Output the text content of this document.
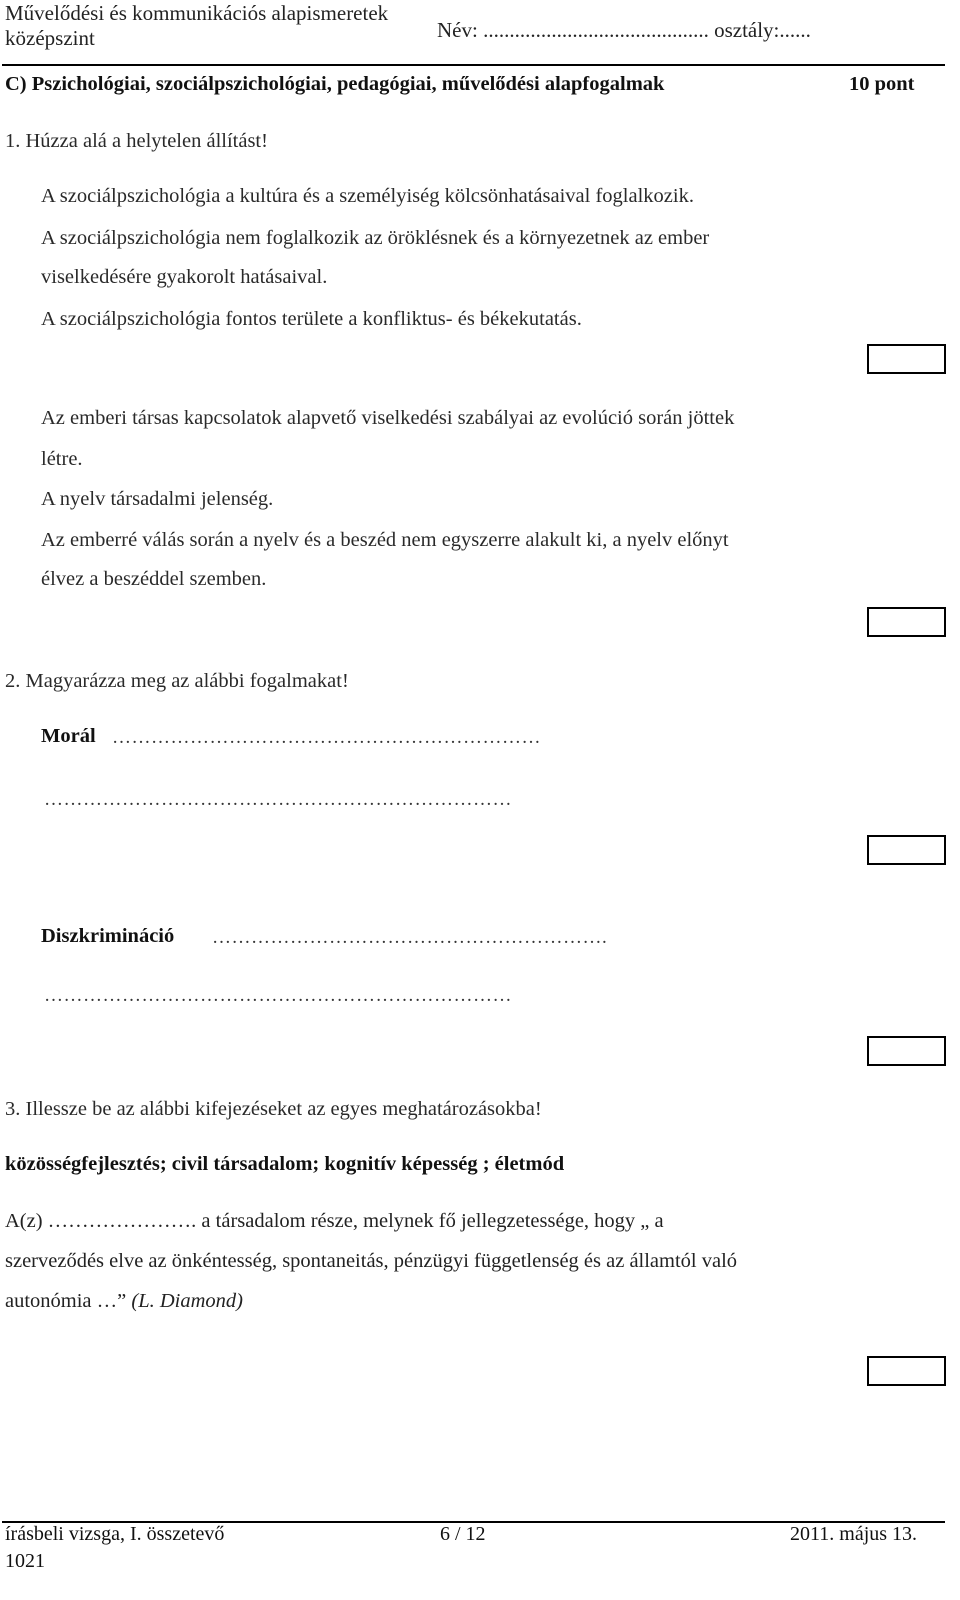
Művelődési és kommunikációs alapismeretek
középszint	Név: ........................................... osztály:......
C) Pszichológiai, szociálpszichológiai, pedagógiai, művelődési alapfogalmak	10 pont
1. Húzza alá a helytelen állítást!
A szociálpszichológia a kultúra és a személyiség kölcsönhatásaival foglalkozik.
A szociálpszichológia nem foglalkozik az öröklésnek és a környezetnek az ember
viselkedésére gyakorolt hatásaival.
A szociálpszichológia fontos területe a konfliktus- és békekutatás.
Az emberi társas kapcsolatok alapvető viselkedési szabályai az evolúció során jöttek
létre.
A nyelv társadalmi jelenség.
Az emberré válás során a nyelv és a beszéd nem egyszerre alakult ki, a nyelv előnyt
élvez a beszéddel szemben.
2. Magyarázza meg az alábbi fogalmakat!
Morál …………………………………………………………
………………………………………………………………
Diszkrimináció …………………………………………………….
………………………………………………………………
3. Illessze be az alábbi kifejezéseket az egyes meghatározásokba!
közösségfejlesztés; civil társadalom; kognitív képesség ; életmód
A(z) …………………. a társadalom része, melynek fő jellegzetessége, hogy „ a
szerveződés elve az önkéntesség, spontaneitás, pénzügyi függetlenség és az államtól való
autonómia …” (L. Diamond)
írásbeli vizsga, I. összetevő
1021
6 / 12	2011. május 13.
